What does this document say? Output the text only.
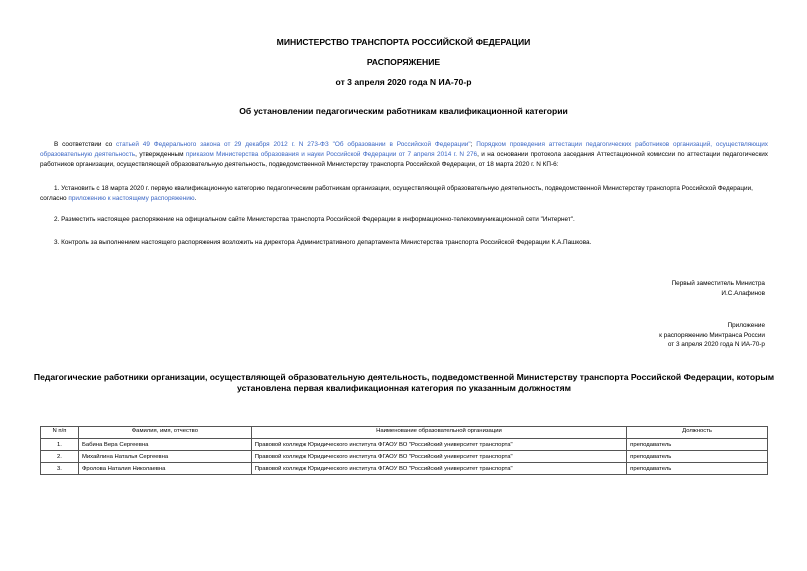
МИНИСТЕРСТВО ТРАНСПОРТА РОССИЙСКОЙ ФЕДЕРАЦИИ
РАСПОРЯЖЕНИЕ
от 3 апреля 2020 года N ИА-70-р
Об установлении педагогическим работникам квалификационной категории
В соответствии со статьей 49 Федерального закона от 29 декабря 2012 г. N 273-ФЗ "Об образовании в Российской Федерации"; Порядком проведения аттестации педагогических работников организаций, осуществляющих образовательную деятельность, утвержденным приказом Министерства образования и науки Российской Федерации от 7 апреля 2014 г. N 276, и на основании протокола заседания Аттестационной комиссии по аттестации педагогических работников организации, осуществляющей образовательную деятельность, подведомственной Министерству транспорта Российской Федерации, от 18 марта 2020 г. N КП-6:
1. Установить с 18 марта 2020 г. первую квалификационную категорию педагогическим работникам организации, осуществляющей образовательную деятельность, подведомственной Министерству транспорта Российской Федерации, согласно приложению к настоящему распоряжению.
2. Разместить настоящее распоряжение на официальном сайте Министерства транспорта Российской Федерации в информационно-телекоммуникационной сети "Интернет".
3. Контроль за выполнением настоящего распоряжения возложить на директора Административного департамента Министерства транспорта Российской Федерации К.А.Пашкова.
Первый заместитель Министра
И.С.Алафинов
Приложение
к распоряжению Минтранса России
от 3 апреля 2020 года N ИА-70-р
Педагогические работники организации, осуществляющей образовательную деятельность, подведомственной Министерству транспорта Российской Федерации, которым установлена первая квалификационная категория по указанным должностям
N п/п	Фамилия, имя, отчество	Наименование образовательной организации	Должность
1.	Бабина Вера Сергеевна	Правовой колледж Юридического института ФГАОУ ВО "Российский университет транспорта"	преподаватель
2.	Михайлина Наталья Сергеевна	Правовой колледж Юридического института ФГАОУ ВО "Российский университет транспорта"	преподаватель
3.	Фролова Наталия Николаевна	Правовой колледж Юридического института ФГАОУ ВО "Российский университет транспорта"	преподаватель
